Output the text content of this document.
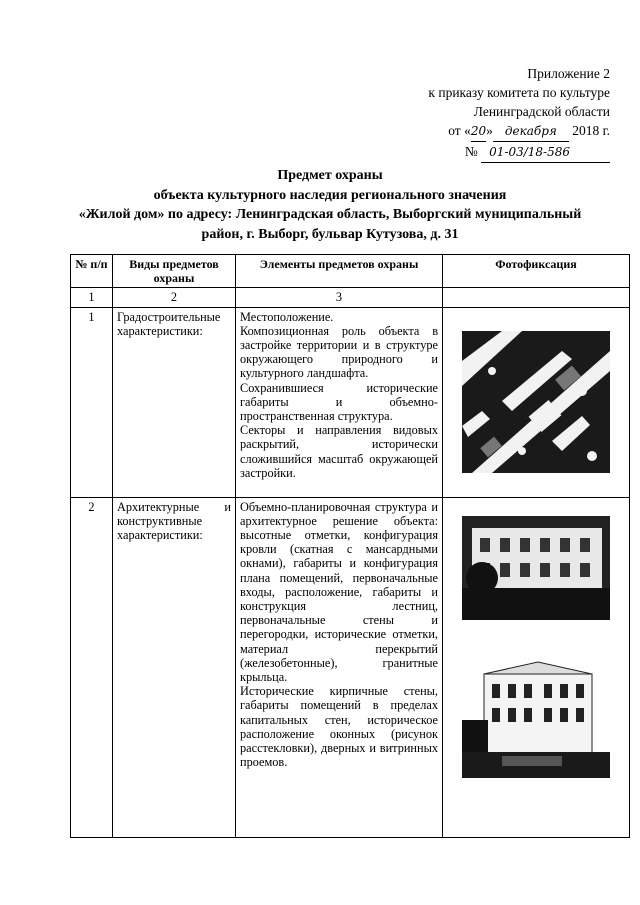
Приложение 2
к приказу комитета по культуре
Ленинградской области
от «20» декабря 2018 г.
№ 01-03/18-586
Предмет охраны
объекта культурного наследия регионального значения
«Жилой дом» по адресу: Ленинградская область, Выборгский муниципальный
район, г. Выборг, бульвар Кутузова, д. 31
№ п/п	Виды предметов охраны	Элементы предметов охраны	Фотофиксация
1	2	3	
1	Градостроительные характеристики:	Местоположение.

Композиционная роль объекта в застройке территории и в структуре окружающего природного и культурного ландшафта.

Сохранившиеся исторические габариты и объемно-пространственная структура.

Секторы и направления видовых раскрытий, исторически сложившийся масштаб окружающей застройки.

2	Архитектурные и конструктивные характеристики:	Объемно-планировочная структура и архитектурное решение объекта: высотные отметки, конфигурация кровли (скатная с мансардными окнами), габариты и конфигурация плана помещений, первоначальные входы, расположение, габариты и конструкция лестниц, первоначальные стены и перегородки, исторические отметки, материал перекрытий (железобетонные), гранитные крыльца.

Исторические кирпичные стены, габариты помещений в пределах капитальных стен, историческое расположение оконных (рисунок расстекловки), дверных и витринных проемов.
